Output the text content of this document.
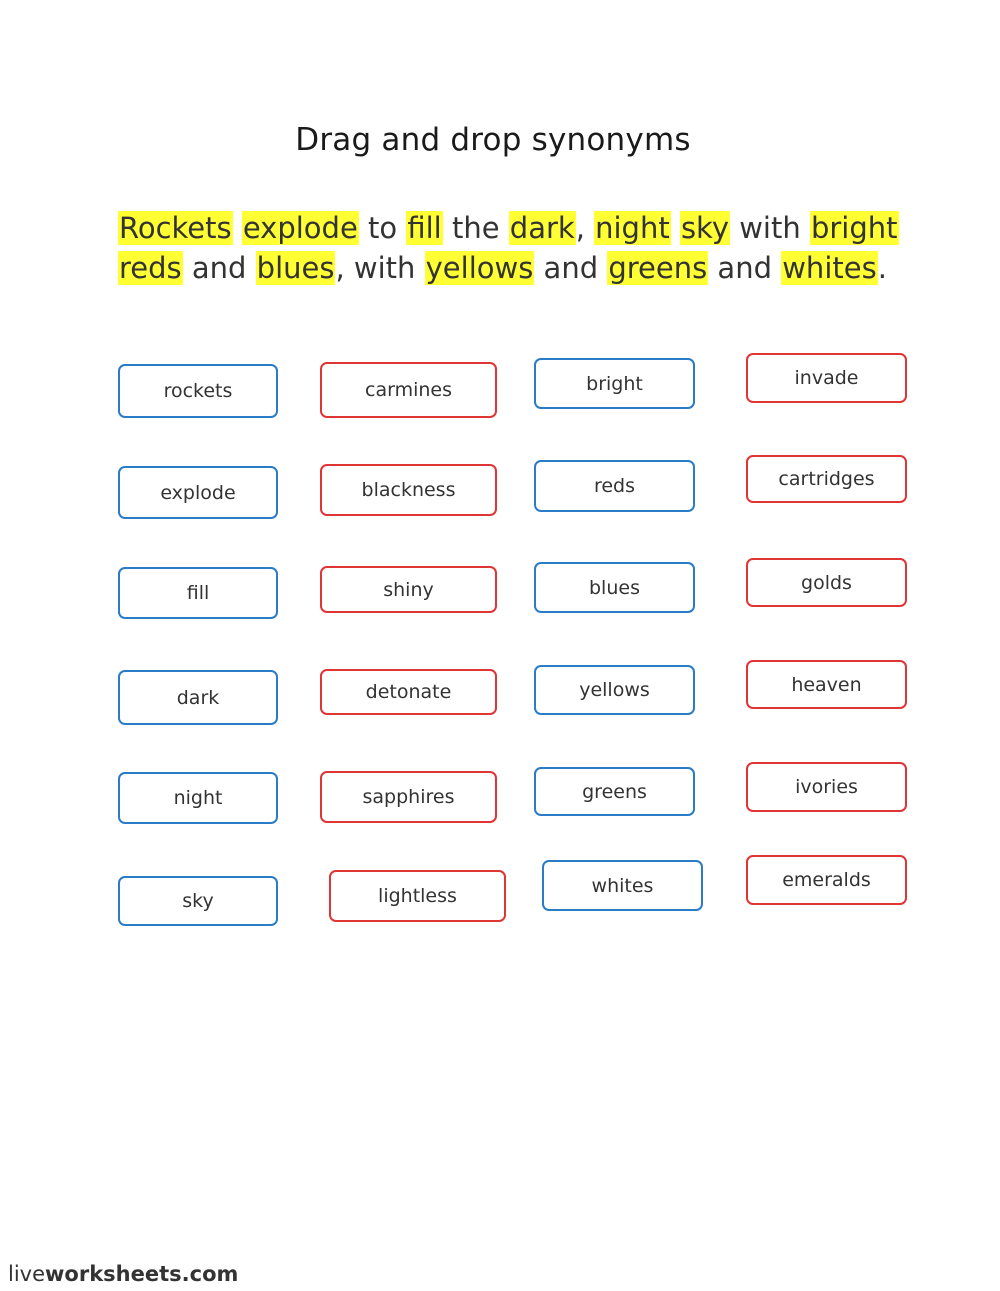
Drag and drop synonyms
Rockets explode to fill the dark, night sky with bright
reds and blues, with yellows and greens and whites.
rockets
explode
fill
dark
night
sky
carmines
blackness
shiny
detonate
sapphires
lightless
bright
reds
blues
yellows
greens
whites
invade
cartridges
golds
heaven
ivories
emeralds
liveworksheets.com
